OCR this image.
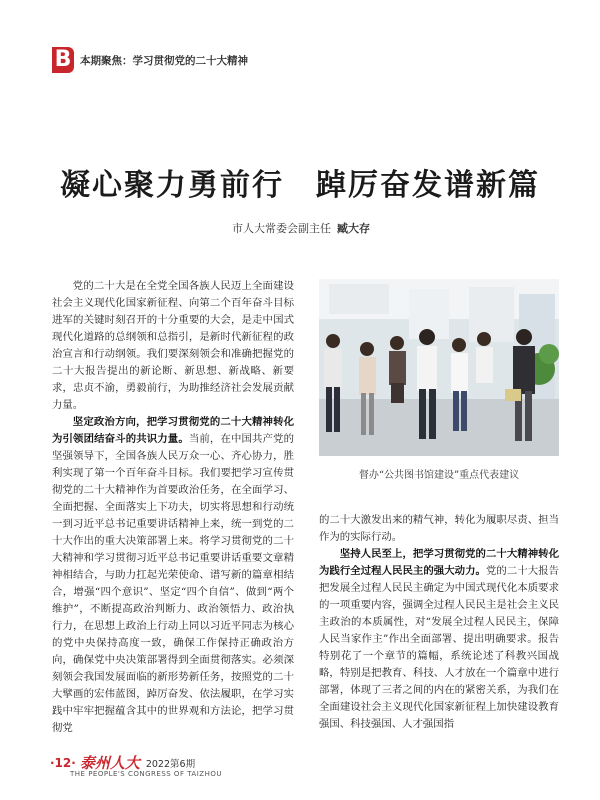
B 本期聚焦：学习贯彻党的二十大精神
凝心聚力勇前行　踔厉奋发谱新篇
市人大常委会副主任 臧大存

党的二十大是在全党全国各族人民迈上全面建设社会主义现代化国家新征程、向第二个百年奋斗目标进军的关键时刻召开的十分重要的大会，是走中国式现代化道路的总纲领和总指引，是新时代新征程的政治宣言和行动纲领。我们要深刻领会和准确把握党的二十大报告提出的新论断、新思想、新战略、新要求，忠贞不渝，勇毅前行，为助推经济社会发展贡献力量。

坚定政治方向，把学习贯彻党的二十大精神转化为引领团结奋斗的共识力量。当前，在中国共产党的坚强领导下，全国各族人民万众一心、齐心协力，胜利实现了第一个百年奋斗目标。我们要把学习宣传贯彻党的二十大精神作为首要政治任务，在全面学习、全面把握、全面落实上下功夫，切实将思想和行动统一到习近平总书记重要讲话精神上来，统一到党的二十大作出的重大决策部署上来。将学习贯彻党的二十大精神和学习贯彻习近平总书记重要讲话重要文章精神相结合，与助力扛起光荣使命、谱写新的篇章相结合，增强“四个意识”、坚定“四个自信”、做到“两个维护”，不断提高政治判断力、政治领悟力、政治执行力，在思想上政治上行动上同以习近平同志为核心的党中央保持高度一致，确保工作保持正确政治方向，确保党中央决策部署得到全面贯彻落实。必须深刻领会我国发展面临的新形势新任务，按照党的二十大擘画的宏伟蓝图，踔厉奋发、依法履职，在学习实践中牢牢把握蕴含其中的世界观和方法论，把学习贯彻党

督办“公共图书馆建设”重点代表建议

的二十大激发出来的精气神，转化为履职尽责、担当作为的实际行动。

坚持人民至上，把学习贯彻党的二十大精神转化为践行全过程人民民主的强大动力。党的二十大报告把发展全过程人民民主确定为中国式现代化本质要求的一项重要内容，强调全过程人民民主是社会主义民主政治的本质属性，对“发展全过程人民民主，保障人民当家作主”作出全面部署、提出明确要求。报告特别花了一个章节的篇幅，系统论述了科教兴国战略，特别是把教育、科技、人才放在一个篇章中进行部署，体现了三者之间的内在的紧密关系，为我们在全面建设社会主义现代化国家新征程上加快建设教育强国、科技强国、人才强国指

·12· 泰州人大 2022第6期
THE PEOPLE'S CONGRESS OF TAIZHOU
